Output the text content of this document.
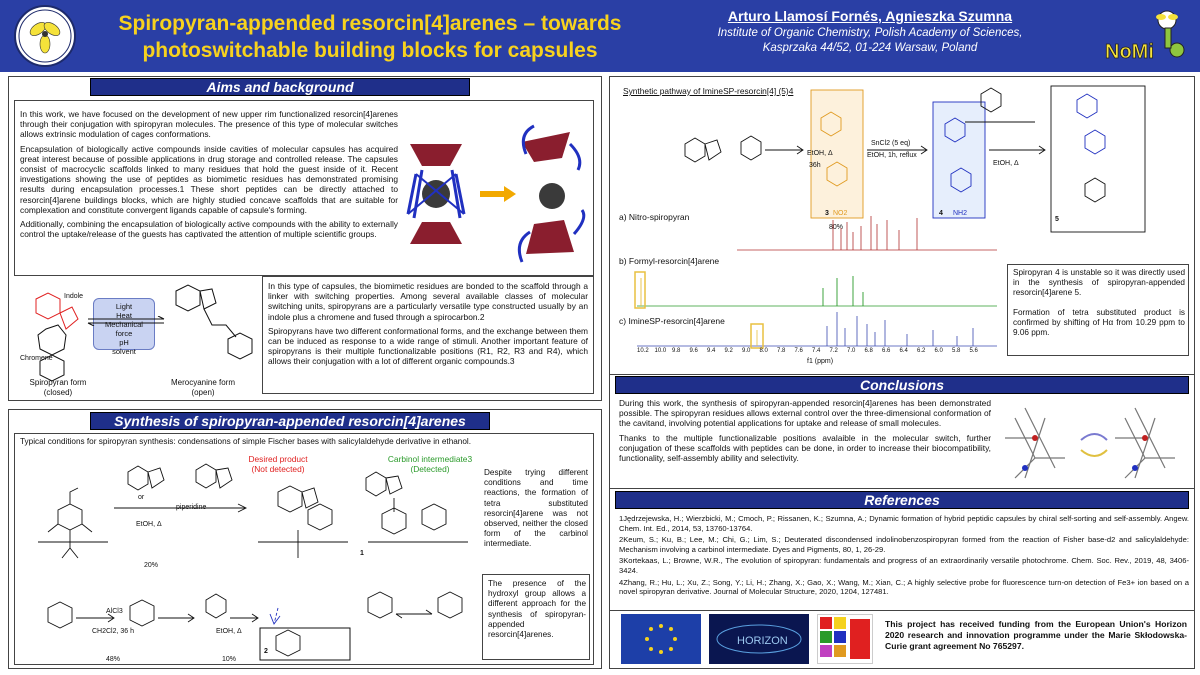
Spiropyran-appended resorcin[4]arenes – towards
photoswitchable building blocks for capsules
Arturo Llamosí Fornés, Agnieszka Szumna
Institute of Organic Chemistry, Polish Academy of Sciences,
Kasprzaka 44/52, 01-224 Warsaw, Poland	NoMi
Aims and background

In this work, we have focused on the development of new upper rim functionalized resorcin[4]arenes through their conjugation with spiropyran molecules. The presence of this type of molecular switches allows extrinsic modulation of cages conformations.

Encapsulation of biologically active compounds inside cavities of molecular capsules has acquired great interest because of possible applications in drug storage and controlled release. The capsules consist of macrocyclic scaffolds linked to many residues that hold the guest inside of it. Recent investigations showing the use of peptides as biomimetic residues has demonstrated promising results during encapsulation processes.1 These short peptides can be directly attached to resorcin[4]arene buildings blocks, which are highly studied concave scaffolds that are suitable for complexation and constitute convergent ligands capable of capsule's forming.

Additionally, combining the encapsulation of biologically active compounds with the ability to externally control the uptake/release of the guests has captivated the attention of multiple scientific groups.

Indole
Chromene
Light
Heat
Mechanical force
pH
solvent
Spiropyran form
(closed)
Merocyanine form
(open)

In this type of capsules, the biomimetic residues are bonded to the scaffold through a linker with switching properties. Among several available classes of molecular switching units, spiropyrans are a particularly versatile type constructed usually by an indole plus a chromene and fused through a spirocarbon.2

Spiropyrans have two different conformational forms, and the exchange between them can be induced as response to a wide range of stimuli. Another important feature of spiropyrans is their multiple functionalizable positions (R1, R2, R3 and R4), which allows their conjugation with a lot of different organic compounds.3

Synthesis of spiropyran-appended resorcin[4]arenes
Typical conditions for spiropyran synthesis: condensations of simple Fischer bases with salicylaldehyde derivative in ethanol.
or
piperidine
EtOH, Δ
20%
Desired product
(Not detected)
Carbinol intermediate3
(Detected)
1
Despite trying different conditions and time reactions, the formation of tetra substituted resorcin[4]arene was not observed, neither the closed form of the carbinol intermediate.
The presence of the hydroxyl group allows a different approach for the synthesis of spiropyran-appended resorcin[4]arenes.
AlCl3
CH2Cl2, 36 h
48%
EtOH, Δ
10%
2
Synthetic pathway of ImineSP-resorcin[4] (5)4
EtOH, Δ
36h
3 NO2
80%
SnCl2 (5 eq)
EtOH, 1h, reflux
4 NH2
EtOH, Δ
5
a) Nitro-spiropyran
b) Formyl-resorcin[4]arene
c) ImineSP-resorcin[4]arene
10.2 10.0 9.8 9.6 9.4 9.2 9.0 8.0 7.8 7.6 7.4 7.2 7.0 6.8 6.6 6.4 6.2 6.0 5.8 5.6
f1 (ppm)
Spiropyran 4 is unstable so it was directly used in the synthesis of spiropyran-appended resorcin[4]arene 5.
Formation of tetra substituted product is confirmed by shifting of Hα from 10.29 ppm to 9.06 ppm.
Conclusions

During this work, the synthesis of spiropyran-appended resorcin[4]arenes has been demonstrated possible. The spiropyran residues allows external control over the three-dimensional conformation of the cavitand, involving potential applications for uptake and release of small molecules.

Thanks to the multiple functionalizable positions avalaible in the molecular switch, further conjugation of these scaffolds with peptides can be done, in order to increase their biocompatibility, functionality, self-assembly ability and selectivity.

References

1Jędrzejewska, H.; Wierzbicki, M.; Cmoch, P.; Rissanen, K.; Szumna, A.; Dynamic formation of hybrid peptidic capsules by chiral self-sorting and self-assembly. Angew. Chem. Int. Ed., 2014, 53, 13760-13764.

2Keum, S.; Ku, B.; Lee, M.; Chi, G.; Lim, S.; Deuterated discondensed indolinobenzospiropyran formed from the reaction of Fisher base-d2 and salicylaldehyde: Mechanism involving a carbinol intermediate. Dyes and Pigments, 80, 1, 26-29.

3Kortekaas, L.; Browne, W.R., The evolution of spiropyran: fundamentals and progress of an extraordinarily versatile photochrome. Chem. Soc. Rev., 2019, 48, 3406-3424.

4Zhang, R.; Hu, L.; Xu, Z.; Song, Y.; Li, H.; Zhang, X.; Gao, X.; Wang, M.; Xian, C.; A highly selective probe for fluorescence turn-on detection of Fe3+ ion based on a novel spiropyran derivative. Journal of Molecular Structure, 2020, 1204, 127481.

HORIZON
This project has received funding from the European Union's Horizon 2020 research and innovation programme under the Marie Skłodowska-Curie grant agreement No 765297.
